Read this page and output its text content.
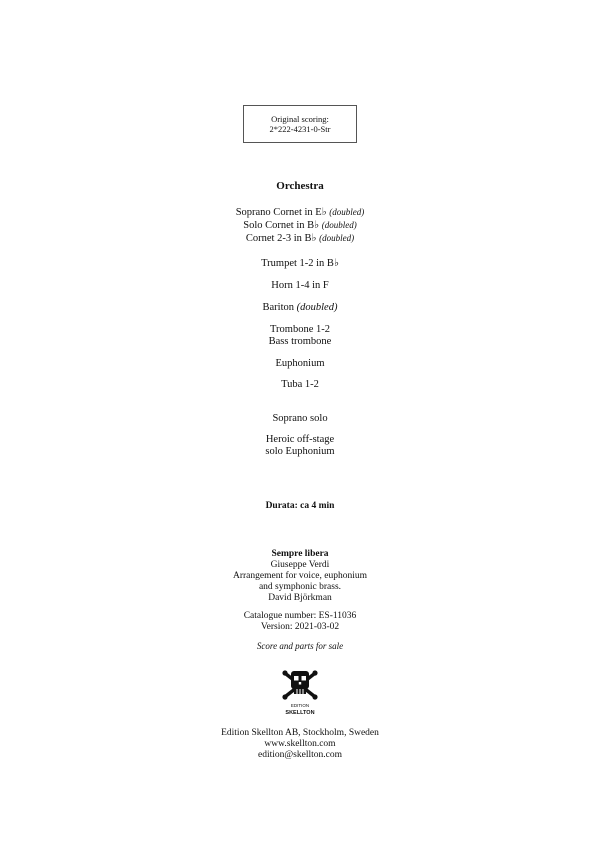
Original scoring:
2*222-4231-0-Str
Orchestra
Soprano Cornet in E♭ (doubled)
Solo Cornet in B♭ (doubled)
Cornet 2-3 in B♭ (doubled)
Trumpet 1-2 in B♭
Horn 1-4 in F
Bariton (doubled)
Trombone 1-2
Bass trombone
Euphonium
Tuba 1-2
Soprano solo
Heroic off-stage
solo Euphonium
Durata: ca 4 min
Sempre libera
Giuseppe Verdi
Arrangement for voice, euphonium
and symphonic brass.
David Björkman
Catalogue number: ES-11036
Version: 2021-03-02
Score and parts for sale
EDITION
SKELLTON
Edition Skellton AB, Stockholm, Sweden
www.skellton.com
edition@skellton.com
